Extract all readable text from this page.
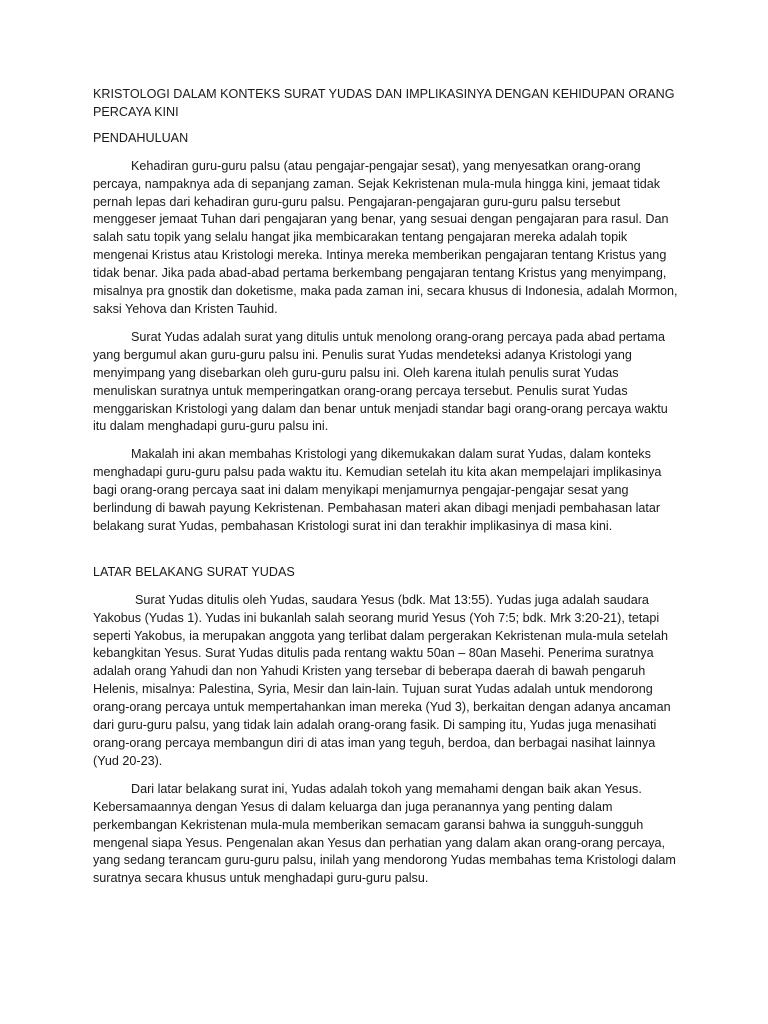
KRISTOLOGI DALAM KONTEKS SURAT YUDAS DAN IMPLIKASINYA DENGAN KEHIDUPAN ORANG PERCAYA KINI

PENDAHULUAN

Kehadiran guru-guru palsu (atau pengajar-pengajar sesat), yang menyesatkan orang-orang percaya, nampaknya ada di sepanjang zaman. Sejak Kekristenan mula-mula hingga kini, jemaat tidak pernah lepas dari kehadiran guru-guru palsu. Pengajaran-pengajaran guru-guru palsu tersebut menggeser jemaat Tuhan dari pengajaran yang benar, yang sesuai dengan pengajaran para rasul. Dan salah satu topik yang selalu hangat jika membicarakan tentang pengajaran mereka adalah topik mengenai Kristus atau Kristologi mereka. Intinya mereka memberikan pengajaran tentang Kristus yang tidak benar. Jika pada abad-abad pertama berkembang pengajaran tentang Kristus yang menyimpang, misalnya pra gnostik dan doketisme, maka pada zaman ini, secara khusus di Indonesia, adalah Mormon, saksi Yehova dan Kristen Tauhid.

Surat Yudas adalah surat yang ditulis untuk menolong orang-orang percaya pada abad pertama yang bergumul akan guru-guru palsu ini. Penulis surat Yudas mendeteksi adanya Kristologi yang menyimpang yang disebarkan oleh guru-guru palsu ini. Oleh karena itulah penulis surat Yudas menuliskan suratnya untuk memperingatkan orang-orang percaya tersebut. Penulis surat Yudas menggariskan Kristologi yang dalam dan benar untuk menjadi standar bagi orang-orang percaya waktu itu dalam menghadapi guru-guru palsu ini.

Makalah ini akan membahas Kristologi yang dikemukakan dalam surat Yudas, dalam konteks menghadapi guru-guru palsu pada waktu itu. Kemudian setelah itu kita akan mempelajari implikasinya bagi orang-orang percaya saat ini dalam menyikapi menjamurnya pengajar-pengajar sesat yang berlindung di bawah payung Kekristenan. Pembahasan materi akan dibagi menjadi pembahasan latar belakang surat Yudas, pembahasan Kristologi surat ini dan terakhir implikasinya di masa kini.

LATAR BELAKANG SURAT YUDAS

Surat Yudas ditulis oleh Yudas, saudara Yesus (bdk. Mat 13:55). Yudas juga adalah saudara Yakobus (Yudas 1). Yudas ini bukanlah salah seorang murid Yesus (Yoh 7:5; bdk. Mrk 3:20-21), tetapi seperti Yakobus, ia merupakan anggota yang terlibat dalam pergerakan Kekristenan mula-mula setelah kebangkitan Yesus. Surat Yudas ditulis pada rentang waktu 50an – 80an Masehi. Penerima suratnya adalah orang Yahudi dan non Yahudi Kristen yang tersebar di beberapa daerah di bawah pengaruh Helenis, misalnya: Palestina, Syria, Mesir dan lain-lain. Tujuan surat Yudas adalah untuk mendorong orang-orang percaya untuk mempertahankan iman mereka (Yud 3), berkaitan dengan adanya ancaman dari guru-guru palsu, yang tidak lain adalah orang-orang fasik. Di samping itu, Yudas juga menasihati orang-orang percaya membangun diri di atas iman yang teguh, berdoa, dan berbagai nasihat lainnya (Yud 20-23).

Dari latar belakang surat ini, Yudas adalah tokoh yang memahami dengan baik akan Yesus. Kebersamaannya dengan Yesus di dalam keluarga dan juga peranannya yang penting dalam perkembangan Kekristenan mula-mula memberikan semacam garansi bahwa ia sungguh-sungguh mengenal siapa Yesus. Pengenalan akan Yesus dan perhatian yang dalam akan orang-orang percaya, yang sedang terancam guru-guru palsu, inilah yang mendorong Yudas membahas tema Kristologi dalam suratnya secara khusus untuk menghadapi guru-guru palsu.
